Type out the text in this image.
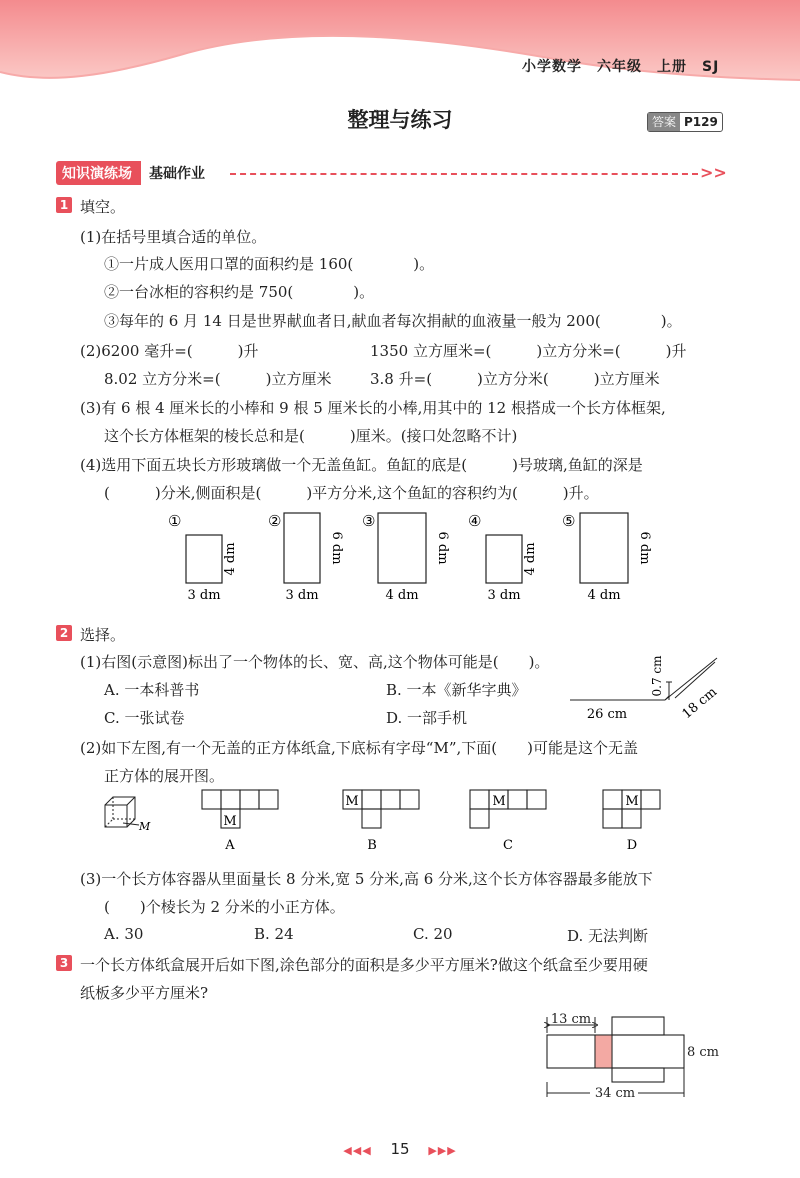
小学数学　六年级　上册　SJ
整理与练习	答案 P129
知识演练场	基础作业	>>
1 填空。
(1)在括号里填合适的单位。
①一片成人医用口罩的面积约是 160(　　　　)。
②一台冰柜的容积约是 750(　　　　)。
③每年的 6 月 14 日是世界献血者日,献血者每次捐献的血液量一般为 200(　　　　)。
(2)6200 毫升=(　　　)升	1350 立方厘米=(　　　)立方分米=(　　　)升
8.02 立方分米=(　　　)立方厘米	3.8 升=(　　　)立方分米(　　　)立方厘米
(3)有 6 根 4 厘米长的小棒和 9 根 5 厘米长的小棒,用其中的 12 根搭成一个长方体框架,
这个长方体框架的棱长总和是(　　　)厘米。(接口处忽略不计)
(4)选用下面五块长方形玻璃做一个无盖鱼缸。鱼缸的底是(　　　)号玻璃,鱼缸的深是
(　　　)分米,侧面积是(　　　)平方分米,这个鱼缸的容积约为(　　　)升。
①
3 dm
4 dm
②
3 dm
6 dm
③
4 dm
6 dm
④
3 dm
4 dm
⑤
4 dm
6 dm
2 选择。
(1)右图(示意图)标出了一个物体的长、宽、高,这个物体可能是(　　)。
A. 一本科普书	B. 一本《新华字典》
C. 一张试卷	D. 一部手机	26 cm
0.7 cm
18 cm
(2)如下左图,有一个无盖的正方体纸盒,下底标有字母“M”,下面(　　)可能是这个无盖
正方体的展开图。
M	M
A
M
B
M
C
M
D
(3)一个长方体容器从里面量长 8 分米,宽 5 分米,高 6 分米,这个长方体容器最多能放下
(　　)个棱长为 2 分米的小正方体。
A. 30	B. 24	C. 20	D. 无法判断
3 一个长方体纸盒展开后如下图,涂色部分的面积是多少平方厘米?做这个纸盒至少要用硬
纸板多少平方厘米?
13 cm
8 cm
34 cm
◀◀◀ 15 ▶▶▶
